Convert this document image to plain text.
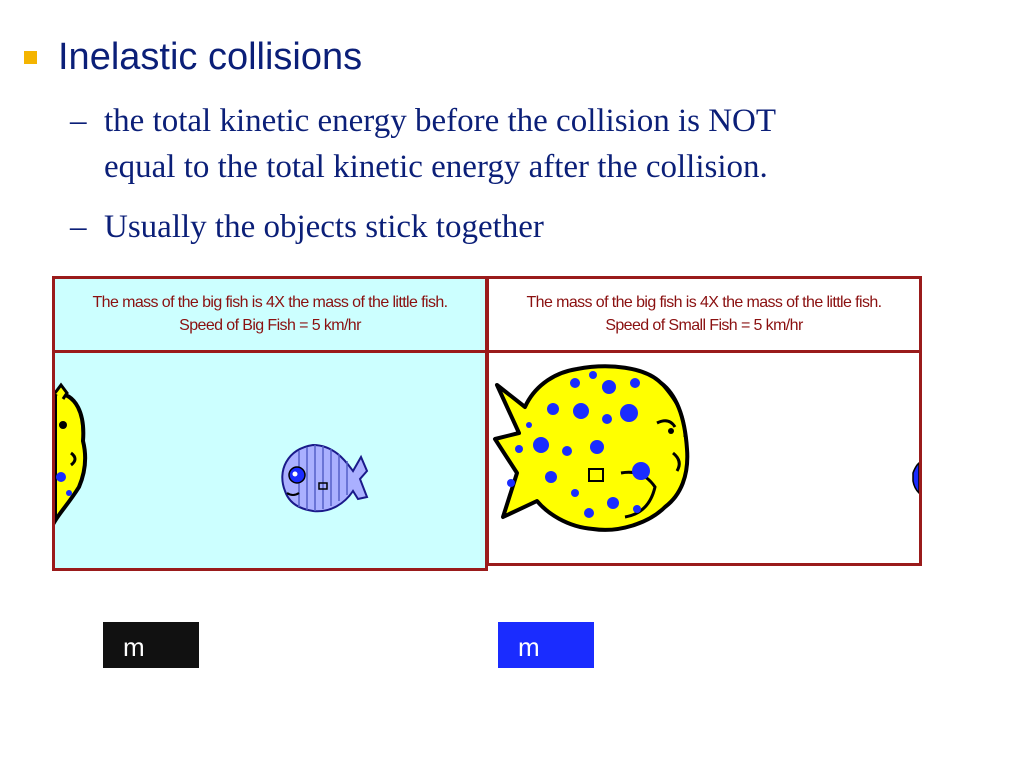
Inelastic collisions
– the total kinetic energy before the collision is NOT
equal to the total kinetic energy after the collision.
– Usually the objects stick together
The mass of the big fish is 4X the mass of the little fish.
Speed of Big Fish = 5 km/hr
The mass of the big fish is 4X the mass of the little fish.
Speed of Small Fish = 5 km/hr
m	m
